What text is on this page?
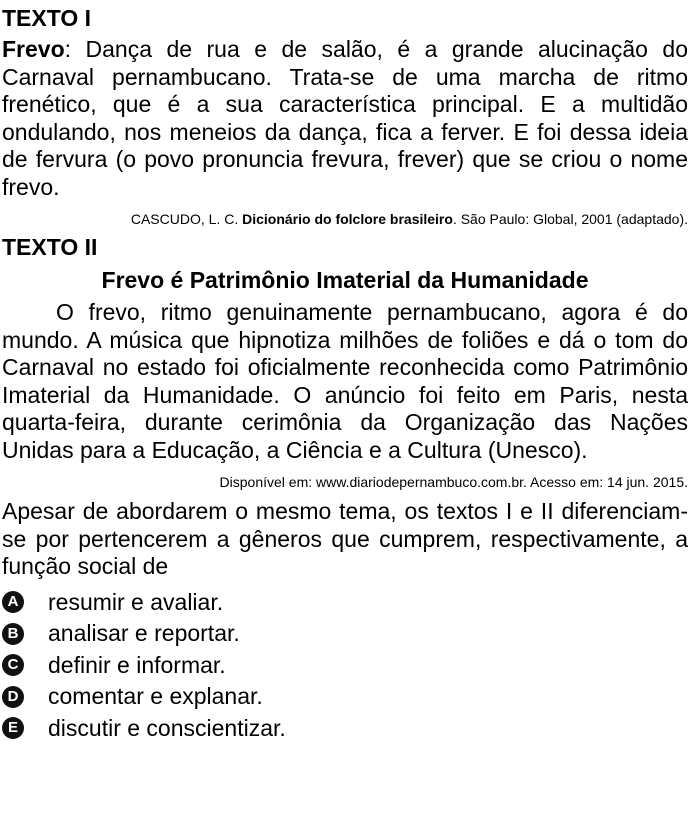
TEXTO I

Frevo: Dança de rua e de salão, é a grande alucinação do Carnaval pernambucano. Trata-se de uma marcha de ritmo frenético, que é a sua característica principal. E a multidão ondulando, nos meneios da dança, fica a ferver. E foi dessa ideia de fervura (o povo pronuncia frevura, frever) que se criou o nome frevo.

CASCUDO, L. C. Dicionário do folclore brasileiro. São Paulo: Global, 2001 (adaptado).
TEXTO II
Frevo é Patrimônio Imaterial da Humanidade

O frevo, ritmo genuinamente pernambucano, agora é do mundo. A música que hipnotiza milhões de foliões e dá o tom do Carnaval no estado foi oficialmente reconhecida como Patrimônio Imaterial da Humanidade. O anúncio foi feito em Paris, nesta quarta-feira, durante cerimônia da Organização das Nações Unidas para a Educação, a Ciência e a Cultura (Unesco).

Disponível em: www.diariodepernambuco.com.br. Acesso em: 14 jun. 2015.

Apesar de abordarem o mesmo tema, os textos I e II diferenciam-se por pertencerem a gêneros que cumprem, respectivamente, a função social de

A resumir e avaliar.
B analisar e reportar.
C definir e informar.
D comentar e explanar.
E discutir e conscientizar.
